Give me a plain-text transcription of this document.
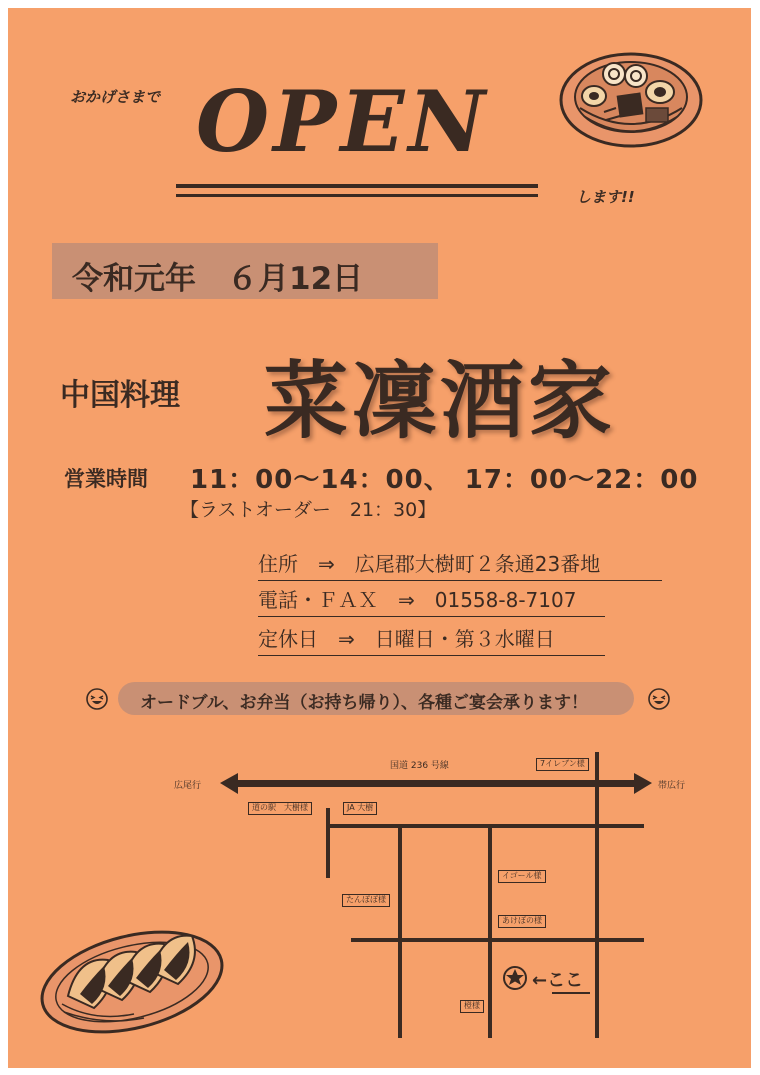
おかげさまで OPEN
します!!
令和元年　６月12日
中国料理 菜凜酒家
営業時間 11：00〜14：00、　17：00〜22：00
【ラストオーダー　21：30】
住所　⇒　広尾郡大樹町２条通23番地
電話・ＦＡＸ　⇒　01558-8-7107
定休日　⇒　日曜日・第３水曜日
オードブル、お弁当（お持ち帰り）、各種ご宴会承ります！
国道 236 号線
広尾行	帯広行
7イレブン様
道の駅　大樹様	JA 大樹
イゴール様
たんぽぽ様
あけぼの様
橙様
←ここ
